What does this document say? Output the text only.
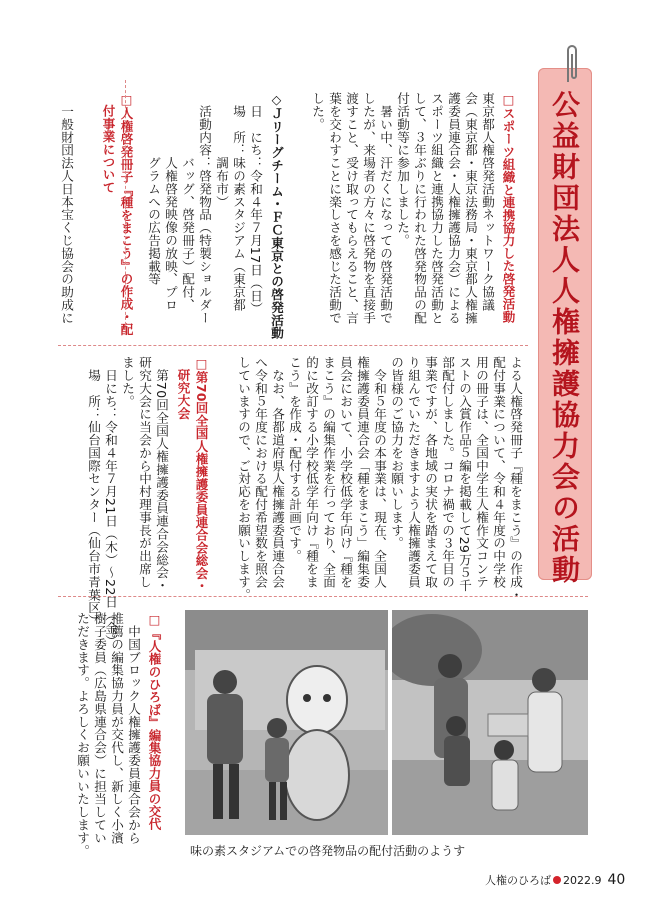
公益財団法人人権擁護協力会の活動
□スポーツ組織と連携協力した啓発活動
東京都人権啓発活動ネットワーク協議
会（東京都・東京法務局・東京都人権擁
護委員連合会・人権擁護協力会）による
スポーツ組織と連携協力した啓発活動と
して、３年ぶりに行われた啓発物品の配
付活動等に参加しました。
　暑い中、汗だくになっての啓発活動で
したが、来場者の方々に啓発物を直接手
渡すこと、受け取ってもらえること、言
葉を交わすことに楽しさを感じた活動で
した。
◇Ｊリーグチーム・ＦＣ東京との啓発活動
　日　にち：令和４年７月17日（日）
　場　所：味の素スタジアム（東京都
　　　　　調布市）
　活動内容：啓発物品（特製ショルダー
　　　　　バッグ、啓発冊子）配付、
　　　　　人権啓発映像の放映、プロ
　　　　　グラムへの広告掲載等
□人権啓発冊子『種をまこう』の作成・配
　付事業について
　一般財団法人日本宝くじ協会の助成に
よる人権啓発冊子『種をまこう』の作成・
配付事業について、令和４年度の中学校
用の冊子は、全国中学生人権作文コンテ
ストの入賞作品５編を掲載して29万５千
部配付しました。コロナ禍での３年目の
事業ですが、各地域の実状を踏まえて取
り組んでいただきますよう人権擁護委員
の皆様のご協力をお願いします。
　令和５年度の本事業は、現在、全国人
権擁護委員連合会「種をまこう」編集委
員会において、小学校低学年向け『種を
まこう』の編集作業を行っており、全面
的に改訂する小学校低学年向け『種をま
こう』を作成・配付する計画です。
　なお、各都道府県人権擁護委員連合会
へ令和５年度における配付希望数を照会
していますので、ご対応をお願いします。
□第70回全国人権擁護委員連合会総会・
　研究大会
　第70回全国人権擁護委員連合会総会・
研究大会に当会から中村理事長が出席し
ました。
　日にち：令和４年７月21日（木）～22日（金）
　場　所：仙台国際センター（仙台市青葉区）
味の素スタジアムでの啓発物品の配付活動のようす
□『人権のひろば』編集協力員の交代
　中国ブロック人権擁護委員連合会から
推薦の編集協力員が交代し、新しく小濱
樹子委員（広島県連合会）に担当してい
ただきます。よろしくお願いいたします。
人権のひろば 2022.9 40
